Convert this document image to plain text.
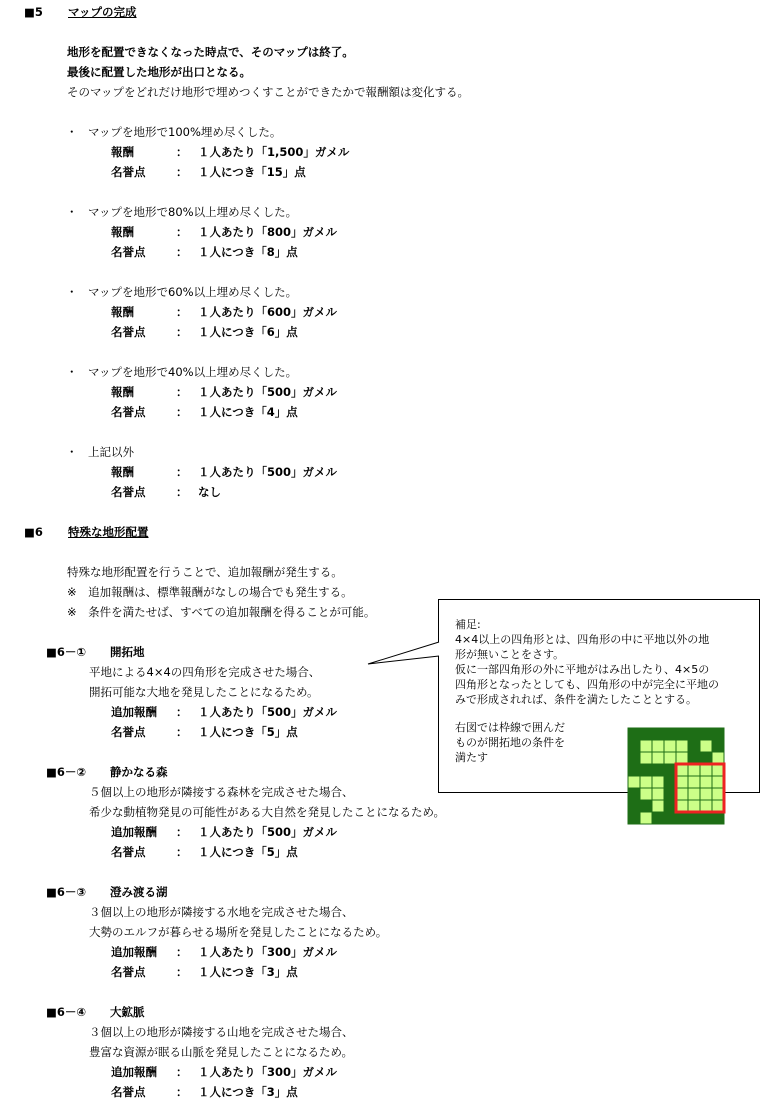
■5 マップの完成
地形を配置できなくなった時点で、そのマップは終了。
最後に配置した地形が出口となる。
そのマップをどれだけ地形で埋めつくすことができたかで報酬額は変化する。
・ マップを地形で100%埋め尽くした。
報酬	： １人あたり「1,500」ガメル
名誉点	： １人につき「15」点
・ マップを地形で80%以上埋め尽くした。
報酬	： １人あたり「800」ガメル
名誉点	： １人につき「8」点
・ マップを地形で60%以上埋め尽くした。
報酬	： １人あたり「600」ガメル
名誉点	： １人につき「6」点
・ マップを地形で40%以上埋め尽くした。
報酬	： １人あたり「500」ガメル
名誉点	： １人につき「4」点
・ 上記以外
報酬	： １人あたり「500」ガメル
名誉点	： なし
■6 特殊な地形配置
特殊な地形配置を行うことで、追加報酬が発生する。
※　追加報酬は、標準報酬がなしの場合でも発生する。
※　条件を満たせば、すべての追加報酬を得ることが可能。
■6－① 開拓地
平地による4×4の四角形を完成させた場合、
開拓可能な大地を発見したことになるため。
追加報酬	： １人あたり「500」ガメル
名誉点	： １人につき「5」点
■6－② 静かなる森
５個以上の地形が隣接する森林を完成させた場合、
希少な動植物発見の可能性がある大自然を発見したことになるため。
追加報酬	： １人あたり「500」ガメル
名誉点	： １人につき「5」点
■6－③ 澄み渡る湖
３個以上の地形が隣接する水地を完成させた場合、
大勢のエルフが暮らせる場所を発見したことになるため。
追加報酬	： １人あたり「300」ガメル
名誉点	： １人につき「3」点
■6－④ 大鉱脈
３個以上の地形が隣接する山地を完成させた場合、
豊富な資源が眠る山脈を発見したことになるため。
追加報酬	： １人あたり「300」ガメル
名誉点	： １人につき「3」点

補足:

4×4以上の四角形とは、四角形の中に平地以外の地

形が無いことをさす。

仮に一部四角形の外に平地がはみ出したり、4×5の

四角形となったとしても、四角形の中が完全に平地の

みで形成されれば、条件を満たしたこととする。

右図では枠線で囲んだ

ものが開拓地の条件を

満たす
